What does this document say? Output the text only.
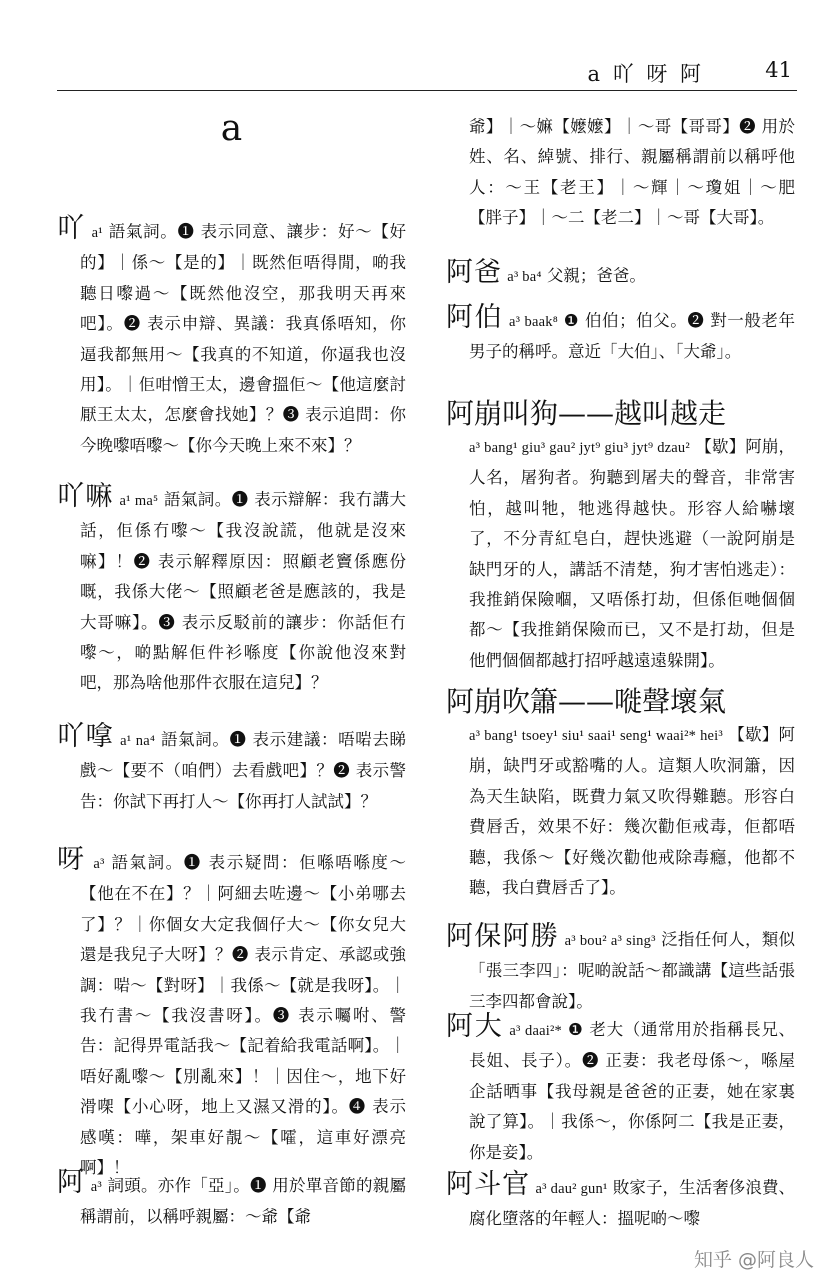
a 吖 呀 阿	41
a

吖 a¹ 語氣詞。❶ 表示同意、讓步：好～【好的】｜係～【是的】｜既然佢唔得閒，啲我聽日嚟過～【既然他沒空，那我明天再來吧】。❷ 表示申辯、異議：我真係唔知，你逼我都無用～【我真的不知道，你逼我也沒用】。｜佢咁憎王太，邊會搵佢～【他這麼討厭王太太，怎麼會找她】？❸ 表示追問：你今晚嚟唔嚟～【你今天晚上來不來】？

吖嘛 a¹ ma⁵ 語氣詞。❶ 表示辯解：我冇講大話，佢係冇嚟～【我沒說謊，他就是沒來嘛】！❷ 表示解釋原因：照顧老竇係應份嘅，我係大佬～【照顧老爸是應該的，我是大哥嘛】。❸ 表示反駁前的讓步：你話佢冇嚟～，啲點解佢件衫喺度【你說他沒來對吧，那為啥他那件衣服在這兒】？

吖嗱 a¹ na⁴ 語氣詞。❶ 表示建議：唔啱去睇戲～【要不（咱們）去看戲吧】？❷ 表示警告：你試下再打人～【你再打人試試】？

呀 a³ 語氣詞。❶ 表示疑問：佢喺唔喺度～【他在不在】？｜阿細去咗邊～【小弟哪去了】？｜你個女大定我個仔大～【你女兒大還是我兒子大呀】？❷ 表示肯定、承認或強調：啱～【對呀】｜我係～【就是我呀】。｜我冇書～【我沒書呀】。❸ 表示囑咐、警告：記得畀電話我～【記着給我電話啊】。｜唔好亂嚟～【別亂來】！｜因住～，地下好滑㗎【小心呀，地上又濕又滑的】。❹ 表示感嘆：嘩，架車好靚～【嚯，這車好漂亮啊】！

阿 a³ 詞頭。亦作「亞」。❶ 用於單音節的親屬稱謂前，以稱呼親屬：～爺【爺

爺】｜～嫲【嬤嬤】｜～哥【哥哥】❷ 用於姓、名、綽號、排行、親屬稱謂前以稱呼他人：～王【老王】｜～輝｜～瓊姐｜～肥【胖子】｜～二【老二】｜～哥【大哥】。

阿爸 a³ ba⁴ 父親；爸爸。

阿伯 a³ baak⁸ ❶ 伯伯；伯父。❷ 對一般老年男子的稱呼。意近「大伯」、「大爺」。

阿崩叫狗——越叫越走
a³ bang¹ giu³ gau² jyt⁹ giu³ jyt⁹ dzau² 【歇】阿崩，人名，屠狗者。狗聽到屠夫的聲音，非常害怕，越叫牠，牠逃得越快。形容人給嚇壞了，不分青紅皂白，趕快逃避（一說阿崩是缺門牙的人，講話不清楚，狗才害怕逃走）：我推銷保險嗰，又唔係打劫，但係佢哋個個都～【我推銷保險而已，又不是打劫，但是他們個個都越打招呼越遠遠躲開】。

阿崩吹簫——嘥聲壞氣
a³ bang¹ tsoey¹ siu¹ saai¹ seng¹ waai²* hei³ 【歇】阿崩，缺門牙或豁嘴的人。這類人吹洞簫，因為天生缺陷，既費力氣又吹得難聽。形容白費唇舌，效果不好：幾次勸佢戒毒，佢都唔聽，我係～【好幾次勸他戒除毒癮，他都不聽，我白費唇舌了】。

阿保阿勝 a³ bou² a³ sing³ 泛指任何人，類似「張三李四」：呢啲說話～都識講【這些話張三李四都會說】。

阿大 a³ daai²* ❶ 老大（通常用於指稱長兄、長姐、長子）。❷ 正妻：我老母係～，喺屋企話晒事【我母親是爸爸的正妻，她在家裏說了算】。｜我係～，你係阿二【我是正妻，你是妾】。

阿斗官 a³ dau² gun¹ 敗家子，生活奢侈浪費、腐化墮落的年輕人：搵呢啲～嚟

知乎 @阿良人
